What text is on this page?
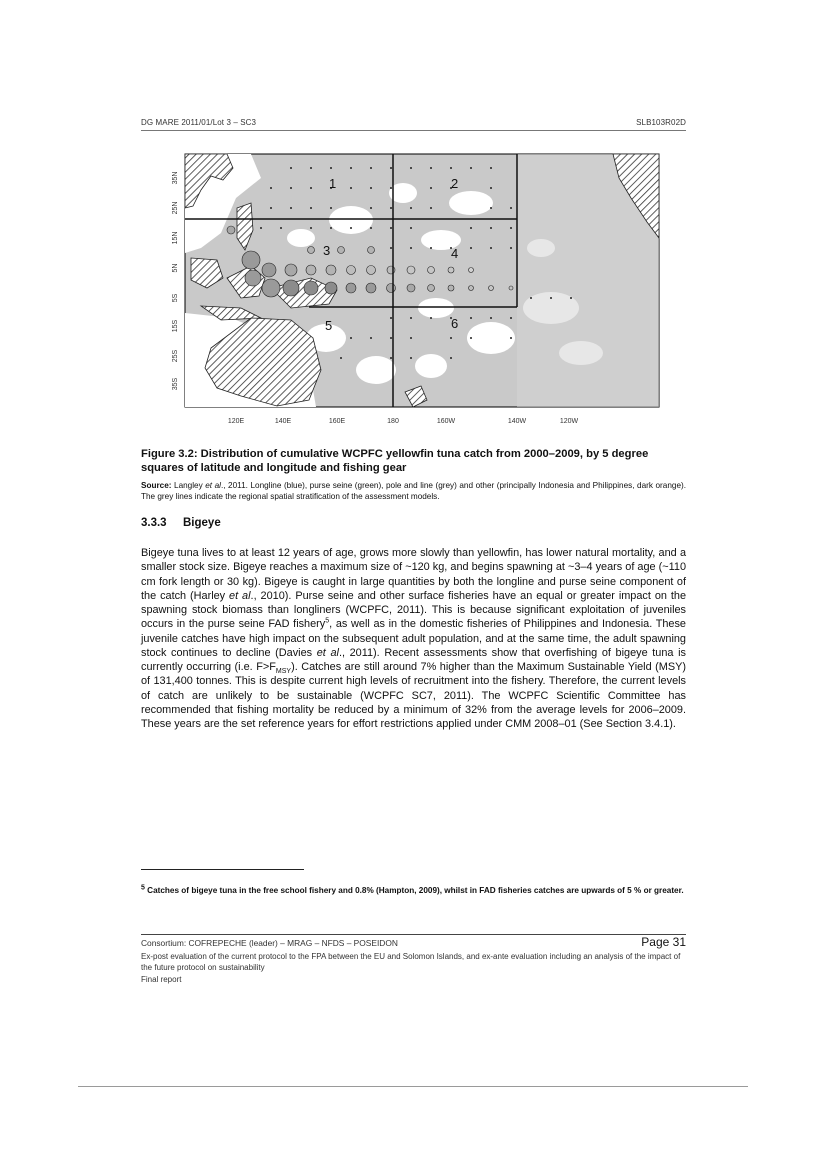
DG MARE 2011/01/Lot 3 – SC3	SLB103R02D
1	2
3	4
5	6
35N
25N
15N
5N
5S
15S
25S
35S
120E	140E	160E	180	160W	140W	120W
Figure 3.2: Distribution of cumulative WCPFC yellowfin tuna catch from 2000–2009, by 5 degree squares of latitude and longitude and fishing gear
Source: Langley et al., 2011. Longline (blue), purse seine (green), pole and line (grey) and other (principally Indonesia and Philippines, dark orange). The grey lines indicate the regional spatial stratification of the assessment models.
3.3.3 Bigeye
Bigeye tuna lives to at least 12 years of age, grows more slowly than yellowfin, has lower natural mortality, and a smaller stock size. Bigeye reaches a maximum size of ~120 kg, and begins spawning at ~3–4 years of age (~110 cm fork length or 30 kg). Bigeye is caught in large quantities by both the longline and purse seine component of the catch (Harley et al., 2010). Purse seine and other surface fisheries have an equal or greater impact on the spawning stock biomass than longliners (WCPFC, 2011). This is because significant exploitation of juveniles occurs in the purse seine FAD fishery$^5$, as well as in the domestic fisheries of Philippines and Indonesia. These juvenile catches have high impact on the subsequent adult population, and at the same time, the adult spawning stock continues to decline (Davies et al., 2011). Recent assessments show that overfishing of bigeye tuna is currently occurring (i.e. $F>F_{MSY}$). Catches are still around 7% higher than the Maximum Sustainable Yield (MSY) of 131,400 tonnes. This is despite current high levels of recruitment into the fishery. Therefore, the current levels of catch are unlikely to be sustainable (WCPFC SC7, 2011). The WCPFC Scientific Committee has recommended that fishing mortality be reduced by a minimum of 32% from the average levels for 2006–2009. These years are the set reference years for effort restrictions applied under CMM 2008–01 (See Section 3.4.1).
$^5$ Catches of bigeye tuna in the free school fishery and 0.8% (Hampton, 2009), whilst in FAD fisheries catches are upwards of 5 % or greater.
Consortium: COFREPECHE (leader) – MRAG – NFDS – POSEIDON	Page 31
Ex-post evaluation of the current protocol to the FPA between the EU and Solomon Islands, and ex-ante evaluation including an analysis of the impact of the future protocol on sustainability
Final report
